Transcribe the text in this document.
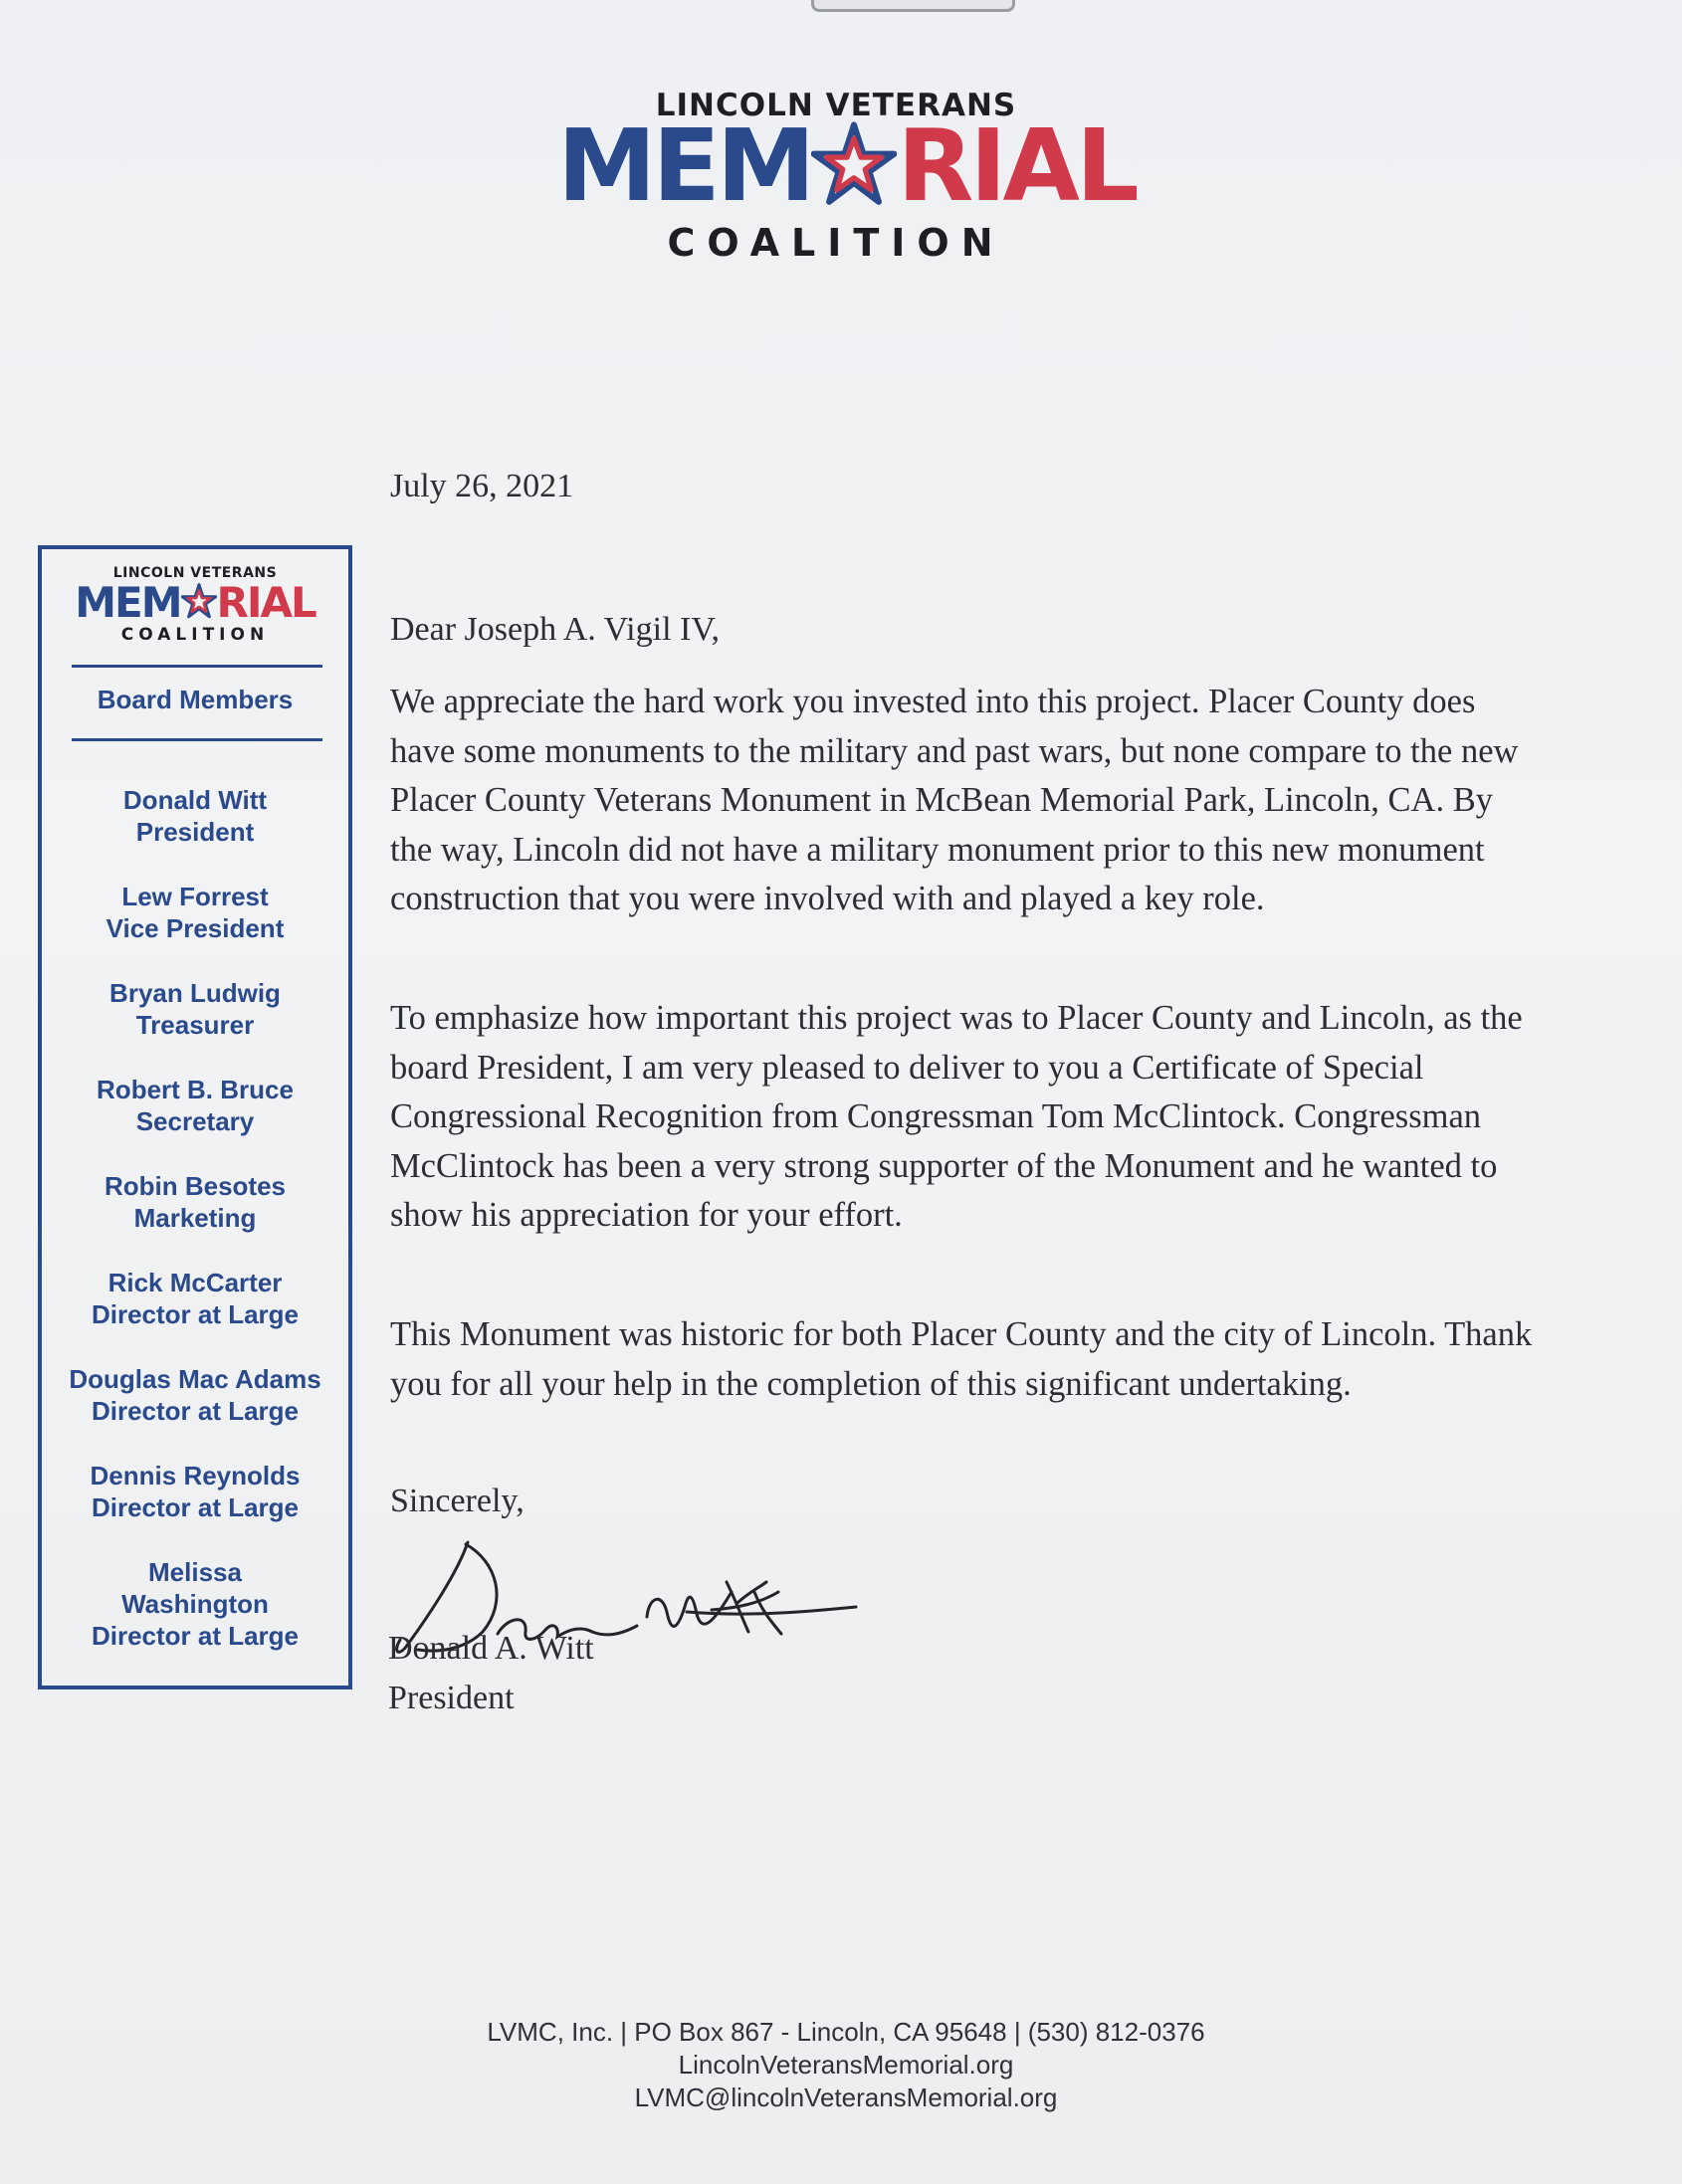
LINCOLN VETERANS
MEM RIAL
COALITION
LINCOLN VETERANS
MEM RIAL
COALITION
Board Members
Donald Witt
President
Lew Forrest
Vice President
Bryan Ludwig
Treasurer
Robert B. Bruce
Secretary
Robin Besotes
Marketing
Rick McCarter
Director at Large
Douglas Mac Adams
Director at Large
Dennis Reynolds
Director at Large
Melissa Washington
Director at Large
July 26, 2021
Dear Joseph A. Vigil IV,

We appreciate the hard work you invested into this project. Placer County does have some monuments to the military and past wars, but none compare to the new Placer County Veterans Monument in McBean Memorial Park, Lincoln, CA. By the way, Lincoln did not have a military monument prior to this new monument construction that you were involved with and played a key role.

To emphasize how important this project was to Placer County and Lincoln, as the board President, I am very pleased to deliver to you a Certificate of Special Congressional Recognition from Congressman Tom McClintock. Congressman McClintock has been a very strong supporter of the Monument and he wanted to show his appreciation for your effort.

This Monument was historic for both Placer County and the city of Lincoln. Thank you for all your help in the completion of this significant undertaking.

Sincerely,
Donald A. Witt
President
LVMC, Inc. | PO Box 867 - Lincoln, CA 95648 | (530) 812-0376
LincolnVeteransMemorial.org
LVMC@lincolnVeteransMemorial.org
